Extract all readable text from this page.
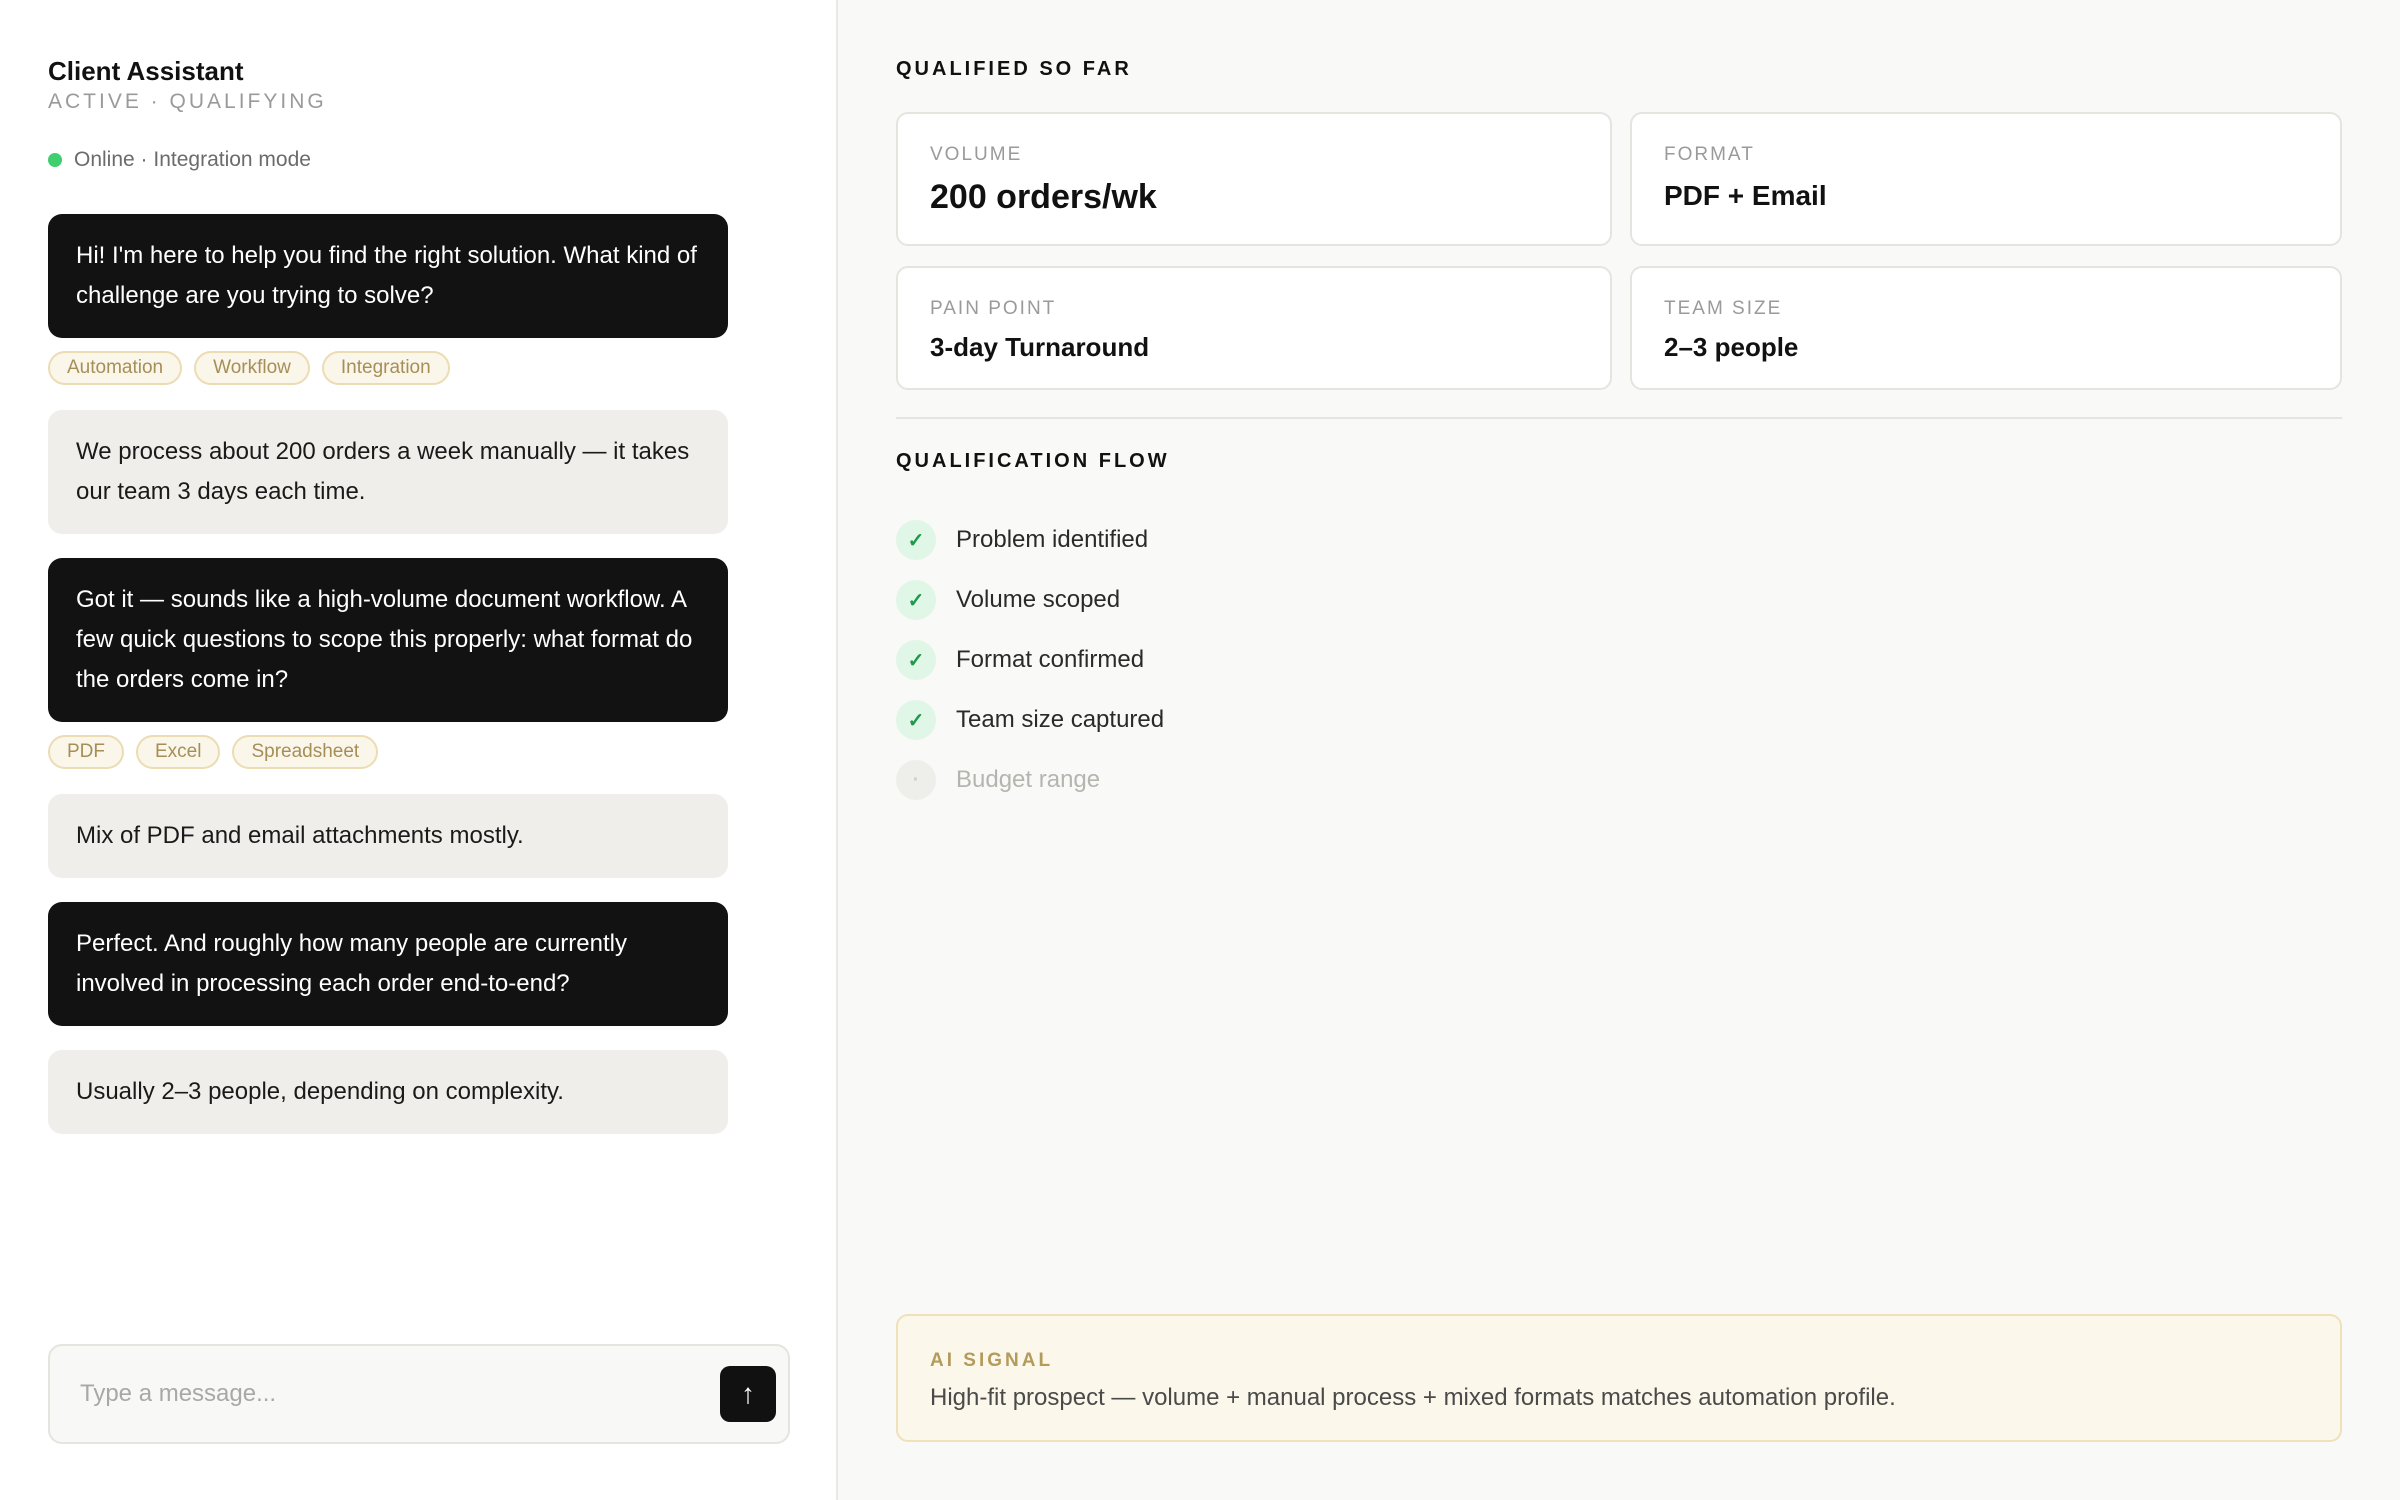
Client Assistant
ACTIVE · QUALIFYING
Online · Integration mode
Hi! I'm here to help you find the right solution. What kind of challenge are you trying to solve?
Automation	Workflow	Integration
We process about 200 orders a week manually — it takes our team 3 days each time.
Got it — sounds like a high-volume document workflow. A few quick questions to scope this properly: what format do the orders come in?
PDF	Excel	Spreadsheet
Mix of PDF and email attachments mostly.
Perfect. And roughly how many people are currently involved in processing each order end-to-end?
Usually 2–3 people, depending on complexity.
Type a message...
↑
QUALIFIED SO FAR
VOLUME
200 orders/wk
FORMAT
PDF + Email
PAIN POINT
3-day Turnaround
TEAM SIZE
2–3 people
QUALIFICATION FLOW
✓	Problem identified
✓	Volume scoped
✓	Format confirmed
✓	Team size captured
·	Budget range
AI SIGNAL
High-fit prospect — volume + manual process + mixed formats matches automation profile.
